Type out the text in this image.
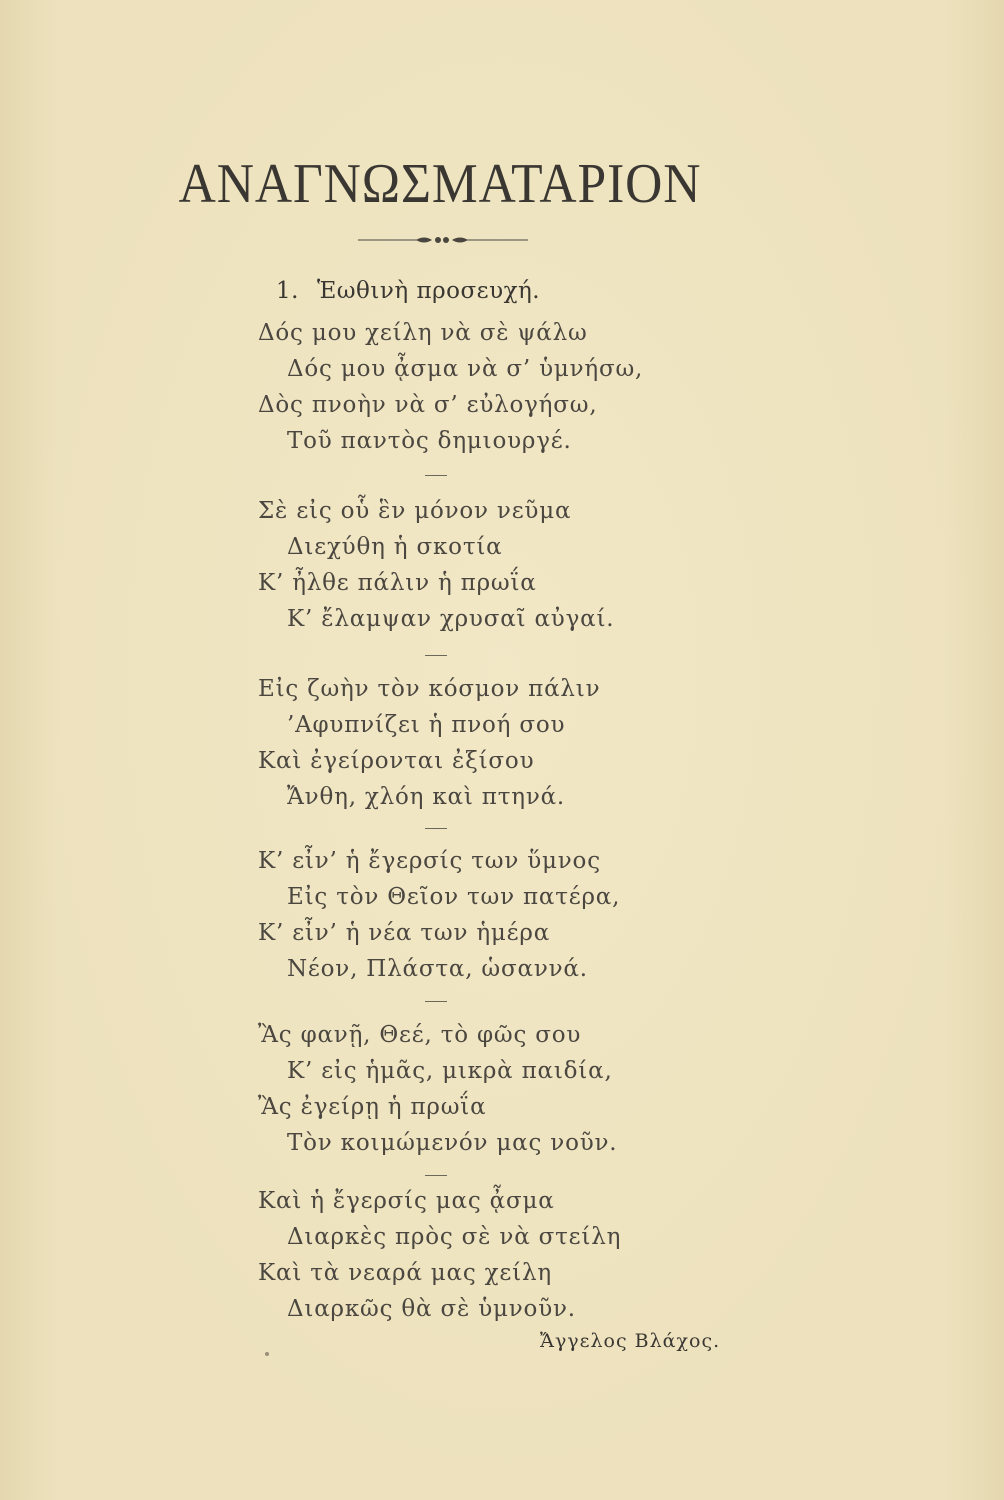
ΑΝΑΓΝΩΣΜΑΤΑΡΙΟΝ
1. Ἑωθινὴ προσευχή.
Δός μου χείλη νὰ σὲ ψάλω
Δός μου ᾆσμα νὰ σ’ ὑμνήσω,
Δὸς πνοὴν νὰ σ’ εὐλογήσω,
Τοῦ παντὸς δημιουργέ.
Σὲ εἰς οὗ ἓν μόνον νεῦμα
Διεχύθη ἡ σκοτία
Κ’ ἦλθε πάλιν ἡ πρωΐα
Κ’ ἔλαμψαν χρυσαῖ αὐγαί.
Εἰς ζωὴν τὸν κόσμον πάλιν
’Αφυπνίζει ἡ πνοή σου
Καὶ ἐγείρονται ἐξίσου
Ἄνθη, χλόη καὶ πτηνά.
Κ’ εἶν’ ἡ ἔγερσίς των ὕμνος
Εἰς τὸν Θεῖον των πατέρα,
Κ’ εἶν’ ἡ νέα των ἡμέρα
Νέον, Πλάστα, ὡσαννά.
Ἂς φανῇ, Θεέ, τὸ φῶς σου
Κ’ εἰς ἡμᾶς, μικρὰ παιδία,
Ἂς ἐγείρῃ ἡ πρωΐα
Τὸν κοιμώμενόν μας νοῦν.
Καὶ ἡ ἔγερσίς μας ᾆσμα
Διαρκὲς πρὸς σὲ νὰ στείλη
Καὶ τὰ νεαρά μας χείλη
Διαρκῶς θὰ σὲ ὑμνοῦν.
Ἄγγελος Βλάχος.
